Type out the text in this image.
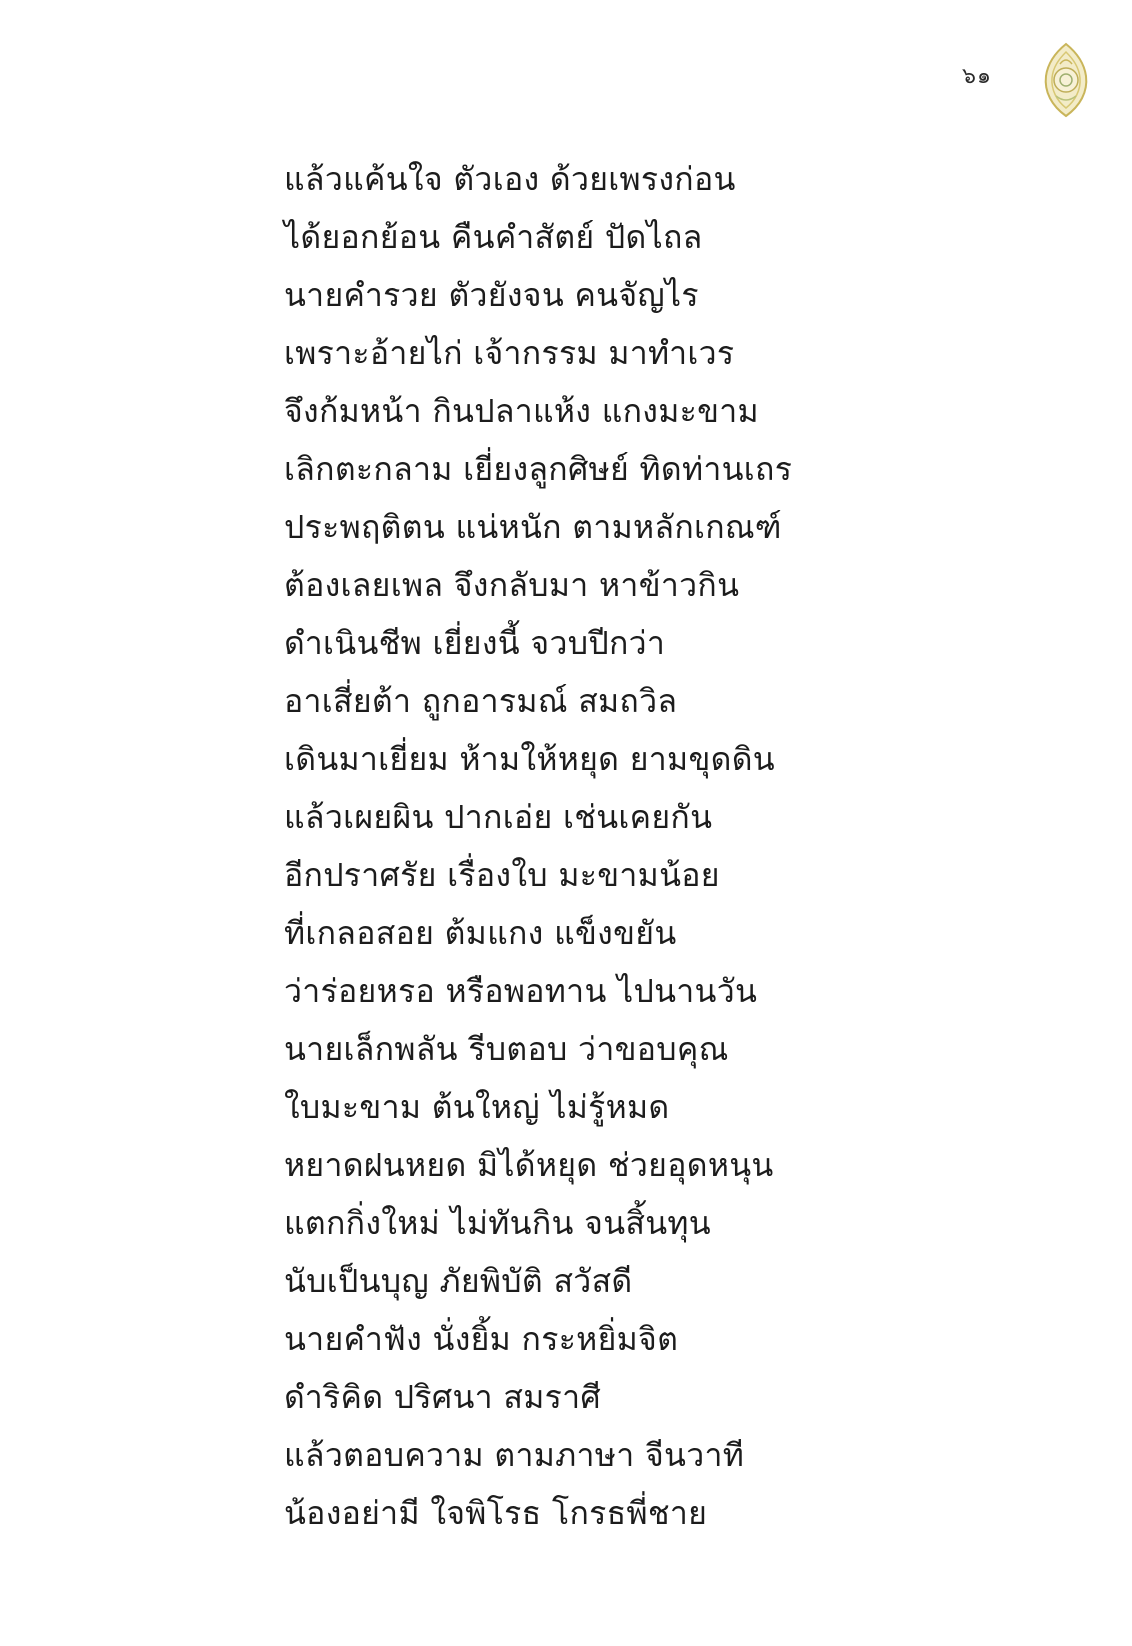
๖๑
แล้วแค้นใจ ตัวเอง ด้วยเพรงก่อน
ได้ยอกย้อน คืนคำสัตย์ ปัดไถล
นายคำรวย ตัวยังจน คนจัญไร
เพราะอ้ายไก่ เจ้ากรรม มาทำเวร
จึงก้มหน้า กินปลาแห้ง แกงมะขาม
เลิกตะกลาม เยี่ยงลูกศิษย์ ทิดท่านเถร
ประพฤติตน แน่หนัก ตามหลักเกณฑ์
ต้องเลยเพล จึงกลับมา หาข้าวกิน
ดำเนินชีพ เยี่ยงนี้ จวบปีกว่า
อาเสี่ยต้า ถูกอารมณ์ สมถวิล
เดินมาเยี่ยม ห้ามให้หยุด ยามขุดดิน
แล้วเผยผิน ปากเอ่ย เช่นเคยกัน
อีกปราศรัย เรื่องใบ มะขามน้อย
ที่เกลอสอย ต้มแกง แข็งขยัน
ว่าร่อยหรอ หรือพอทาน ไปนานวัน
นายเล็กพลัน รีบตอบ ว่าขอบคุณ
ใบมะขาม ต้นใหญ่ ไม่รู้หมด
หยาดฝนหยด มิได้หยุด ช่วยอุดหนุน
แตกกิ่งใหม่ ไม่ทันกิน จนสิ้นทุน
นับเป็นบุญ ภัยพิบัติ สวัสดี
นายคำฟัง นั่งยิ้ม กระหยิ่มจิต
ดำริคิด ปริศนา สมราศี
แล้วตอบความ ตามภาษา จีนวาที
น้องอย่ามี ใจพิโรธ โกรธพี่ชาย
